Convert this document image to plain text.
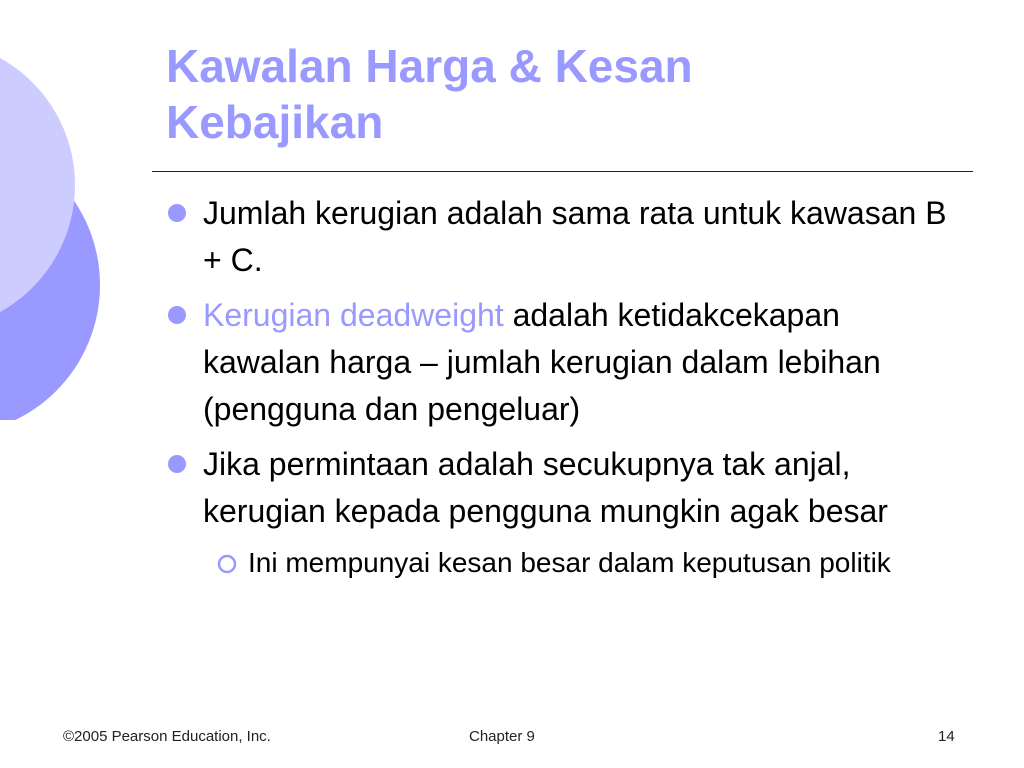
Kawalan Harga & Kesan
Kebajikan
Jumlah kerugian adalah sama rata untuk kawasan B + C.
Kerugian deadweight adalah ketidakcekapan kawalan harga – jumlah kerugian dalam lebihan (pengguna dan pengeluar)
Jika permintaan adalah secukupnya tak anjal, kerugian kepada pengguna mungkin agak besar
Ini mempunyai kesan besar dalam keputusan politik
©2005 Pearson Education, Inc.	Chapter 9	14
